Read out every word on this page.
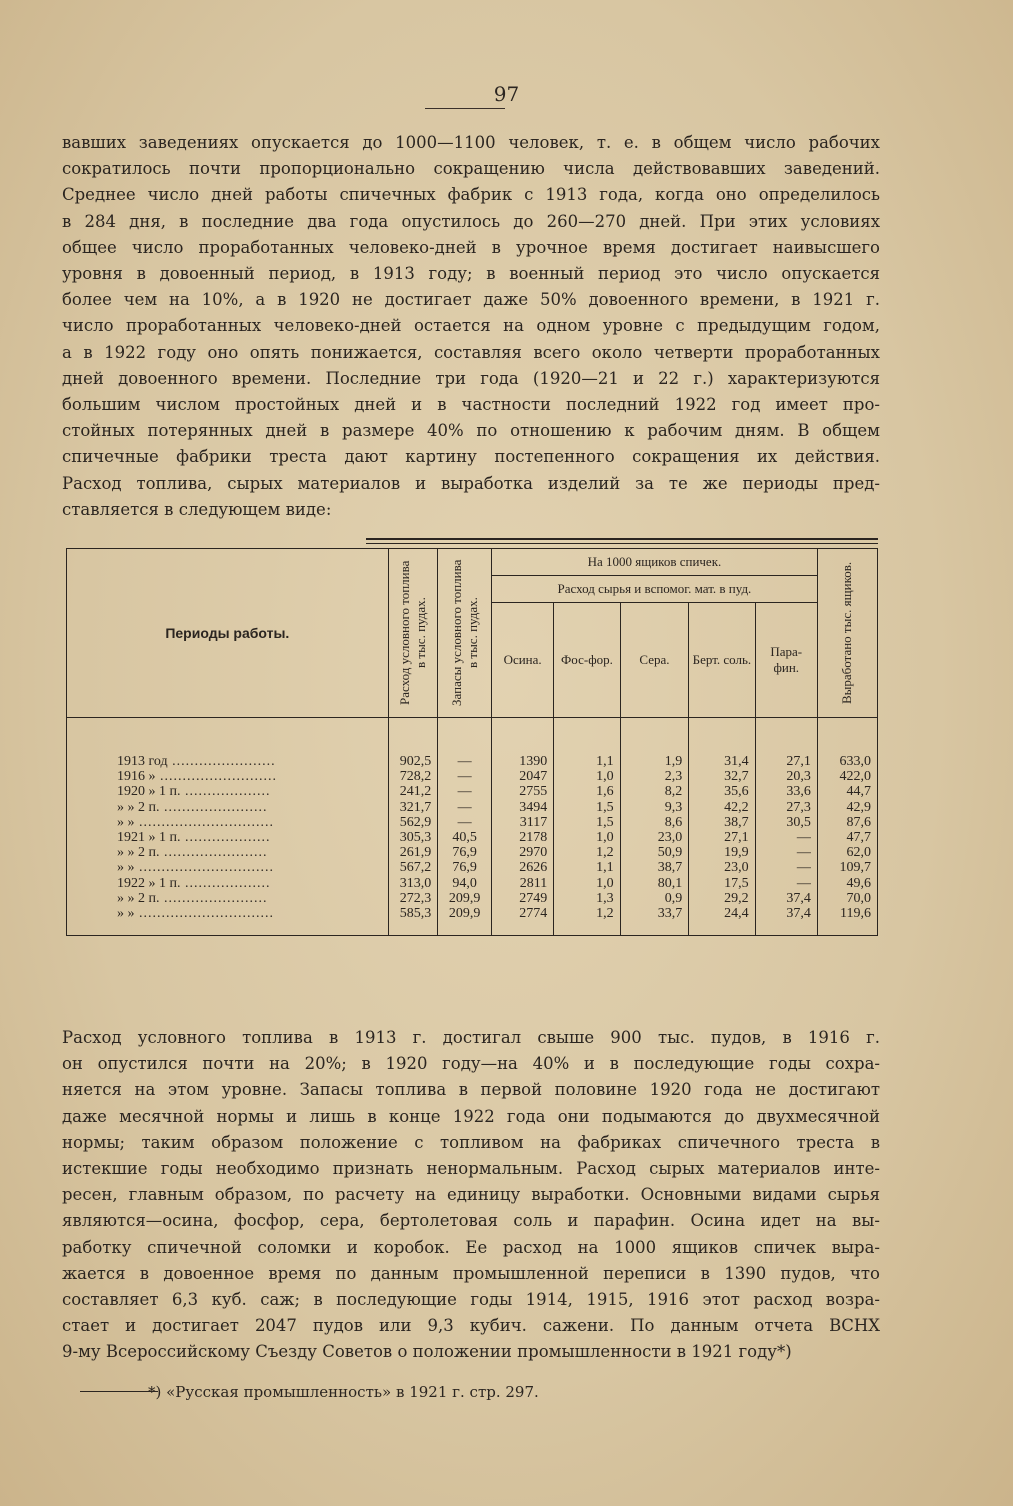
97
вавших заведениях опускается до 1000—1100 человек, т. е. в общем число рабочих
сократилось почти пропорционально сокращению числа действовавших заведений.
Среднее число дней работы спичечных фабрик с 1913 года, когда оно определилось
в 284 дня, в последние два года опустилось до 260—270 дней. При этих условиях
общее число проработанных человеко-дней в урочное время достигает наивысшего
уровня в довоенный период, в 1913 году; в военный период это число опускается
более чем на 10%, а в 1920 не достигает даже 50% довоенного времени, в 1921 г.
число проработанных человеко-дней остается на одном уровне с предыдущим годом,
а в 1922 году оно опять понижается, составляя всего около четверти проработанных
дней довоенного времени. Последние три года (1920—21 и 22 г.) характеризуются
большим числом простойных дней и в частности последний 1922 год имеет про-
стойных потерянных дней в размере 40% по отношению к рабочим дням. В общем
спичечные фабрики треста дают картину постепенного сокращения их действия.
Расход топлива, сырых материалов и выработка изделий за те же периоды пред-
ставляется в следующем виде:
Периоды работы.	Расход условного топлива в тыс. пудах.	Запасы условного топлива в тыс. пудах.	На 1000 ящиков спичек.					Выработано тыс. ящиков.

			Расход сырья и вспомог. мат. в пуд.					
			Осина.	Фос-фор.	Сера.	Берт. соль.	Пара-фин.	
1913 год .......................	902,5	—	1390	1,1	1,9	31,4	27,1	633,0
1916 » ..........................	728,2	—	2047	1,0	2,3	32,7	20,3	422,0
1920 » 1 п. ...................	241,2	—	2755	1,6	8,2	35,6	33,6	44,7
» » 2 п. .......................	321,7	—	3494	1,5	9,3	42,2	27,3	42,9
» » ..............................	562,9	—	3117	1,5	8,6	38,7	30,5	87,6
1921 » 1 п. ...................	305,3	40,5	2178	1,0	23,0	27,1	—	47,7
» » 2 п. .......................	261,9	76,9	2970	1,2	50,9	19,9	—	62,0
» » ..............................	567,2	76,9	2626	1,1	38,7	23,0	—	109,7
1922 » 1 п. ...................	313,0	94,0	2811	1,0	80,1	17,5	—	49,6
» » 2 п. .......................	272,3	209,9	2749	1,3	0,9	29,2	37,4	70,0
» » ..............................	585,3	209,9	2774	1,2	33,7	24,4	37,4	119,6
Расход условного топлива в 1913 г. достигал свыше 900 тыс. пудов, в 1916 г.
он опустился почти на 20%; в 1920 году—на 40% и в последующие годы сохра-
няется на этом уровне. Запасы топлива в первой половине 1920 года не достигают
даже месячной нормы и лишь в конце 1922 года они подымаются до двухмесячной
нормы; таким образом положение с топливом на фабриках спичечного треста в
истекшие годы необходимо признать ненормальным. Расход сырых материалов инте-
ресен, главным образом, по расчету на единицу выработки. Основными видами сырья
являются—осина, фосфор, сера, бертолетовая соль и парафин. Осина идет на вы-
работку спичечной соломки и коробок. Ее расход на 1000 ящиков спичек выра-
жается в довоенное время по данным промышленной переписи в 1390 пудов, что
составляет 6,3 куб. саж; в последующие годы 1914, 1915, 1916 этот расход возра-
стает и достигает 2047 пудов или 9,3 кубич. сажени. По данным отчета ВСНХ
9-му Всероссийскому Съезду Советов о положении промышленности в 1921 году*)
*) «Русская промышленность» в 1921 г. стр. 297.
